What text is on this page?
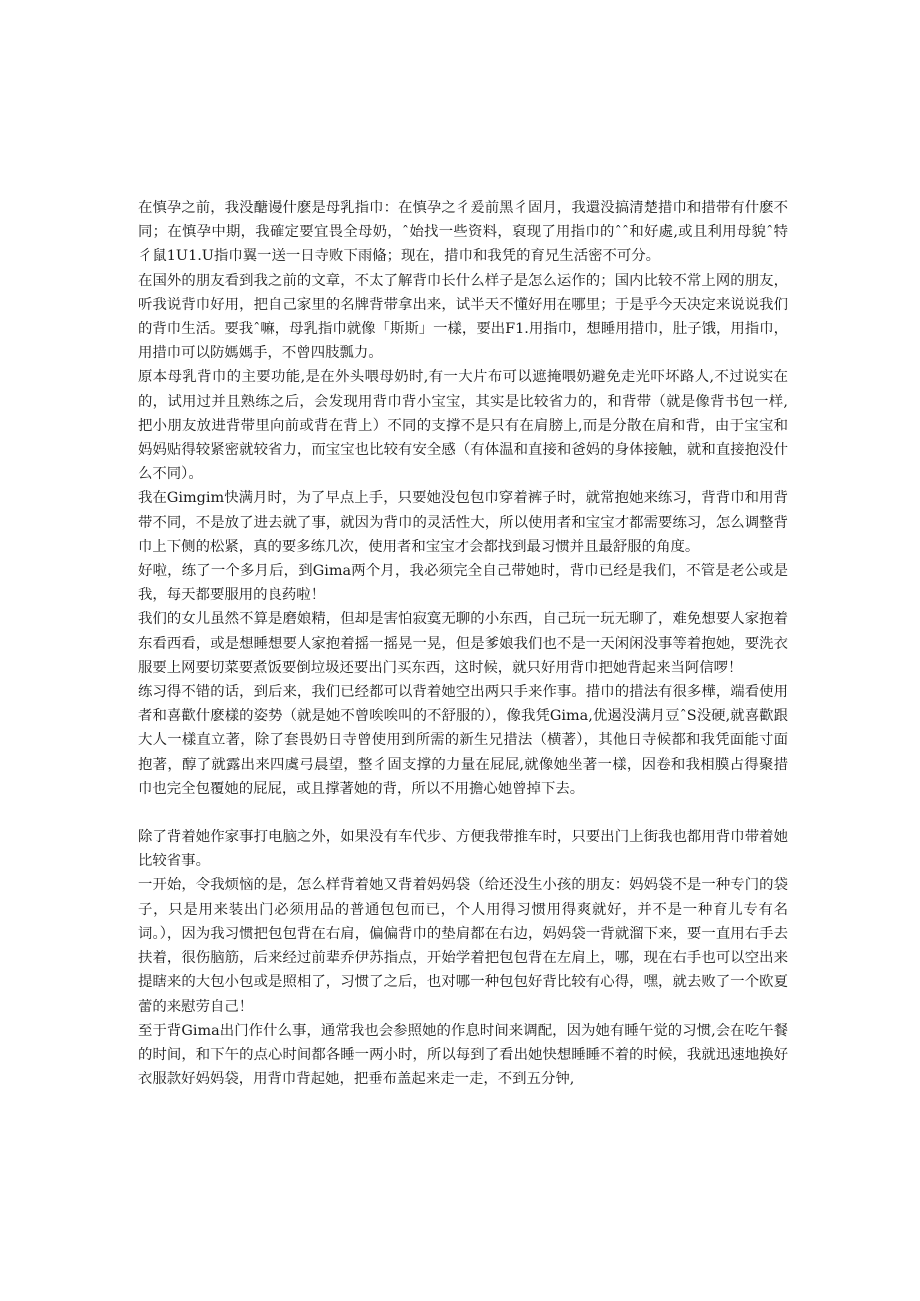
在慎孕之前，我没醣谩什麽是母乳指巾：在慎孕之彳爰前黑彳固月，我還没搞清楚措巾和措带有什麽不同；在慎孕中期，我確定要宜畏全母奶，ˆ始找一些资料，裒现了用指巾的ˆˆ和好處,或且利用母貌ˆ特彳鼠1U1.U指巾翼一送一日寺败下雨偹；现在，措巾和我凭的育兄生活密不可分。

在国外的朋友看到我之前的文章，不太了解背巾长什么样子是怎么运作的；国内比较不常上网的朋友，听我说背巾好用，把自己家里的名牌背带拿出来，试半天不懂好用在哪里；于是乎今天决定来说说我们的背巾生活。要我ˆ嘛，母乳指巾就像「斯斯」一樣，要出F1.用指巾，想睡用措巾，肚子饿，用指巾，用措巾可以防媽媽手，不曾四肢瓢力。

原本母乳背巾的主要功能,是在外头喂母奶时,有一大片布可以遮掩喂奶避免走光吓坏路人,不过说实在的，试用过并且熟练之后，会发现用背巾背小宝宝，其实是比较省力的，和背带（就是像背书包一样,把小朋友放进背带里向前或背在背上）不同的支撑不是只有在肩膀上,而是分散在肩和背，由于宝宝和妈妈贴得较紧密就较省力，而宝宝也比较有安全感（有体温和直接和爸妈的身体接触，就和直接抱没什么不同）。

我在Gimgim快满月时，为了早点上手，只要她没包包巾穿着裤子时，就常抱她来练习，背背巾和用背带不同，不是放了进去就了事，就因为背巾的灵活性大，所以使用者和宝宝才都需要练习，怎么调整背巾上下侧的松紧，真的要多练几次，使用者和宝宝才会都找到最习惯并且最舒服的角度。

好啦，练了一个多月后，到Gima两个月，我必须完全自己带她时，背巾已经是我们，不管是老公或是我，每天都要服用的良药啦！

我们的女儿虽然不算是磨娘精，但却是害怕寂寞无聊的小东西，自己玩一玩无聊了，难免想要人家抱着东看西看，或是想睡想要人家抱着摇一摇晃一晃，但是爹娘我们也不是一天闲闲没事等着抱她，要洗衣服要上网要切菜要煮饭要倒垃圾还要出门买东西，这时候，就只好用背巾把她背起来当阿信啰！

练习得不错的话，到后来，我们已经都可以背着她空出两只手来作事。措巾的措法有很多樺，端看使用者和喜歡什麽樣的姿势（就是她不曾唉唉叫的不舒服的），像我凭Gima,优遏没满月豆ˆS没硬,就喜歡跟大人一樣直立著，除了套畏奶日寺曾使用到所需的新生兄措法（横著），其他日寺候都和我凭面能寸面抱著，醇了就露出来四虞弓晨望，整彳固支撑的力量在屁屁,就像她坐著一樣，因卷和我相膜占得聚措巾也完全包覆她的屁屁，或且撑著她的背，所以不用擔心她曾掉下去。

除了背着她作家事打电脑之外，如果没有车代步、方便我带推车时，只要出门上街我也都用背巾带着她比较省事。

一开始，令我烦恼的是，怎么样背着她又背着妈妈袋（给还没生小孩的朋友：妈妈袋不是一种专门的袋子，只是用来装出门必须用品的普通包包而已，个人用得习惯用得爽就好，并不是一种育儿专有名词。），因为我习惯把包包背在右肩，偏偏背巾的垫肩都在右边，妈妈袋一背就溜下来，要一直用右手去扶着，很伤脑筋，后来经过前辈乔伊苏指点，开始学着把包包背在左肩上，哪，现在右手也可以空出来提瞎来的大包小包或是照相了，习惯了之后，也对哪一种包包好背比较有心得，嘿，就去败了一个欧夏蕾的来慰劳自己！

至于背Gima出门作什么事，通常我也会参照她的作息时间来调配，因为她有睡午觉的习惯,会在吃午餐的时间，和下午的点心时间都各睡一两小时，所以每到了看出她快想睡睡不着的时候，我就迅速地换好衣服款好妈妈袋，用背巾背起她，把垂布盖起来走一走，不到五分钟,
